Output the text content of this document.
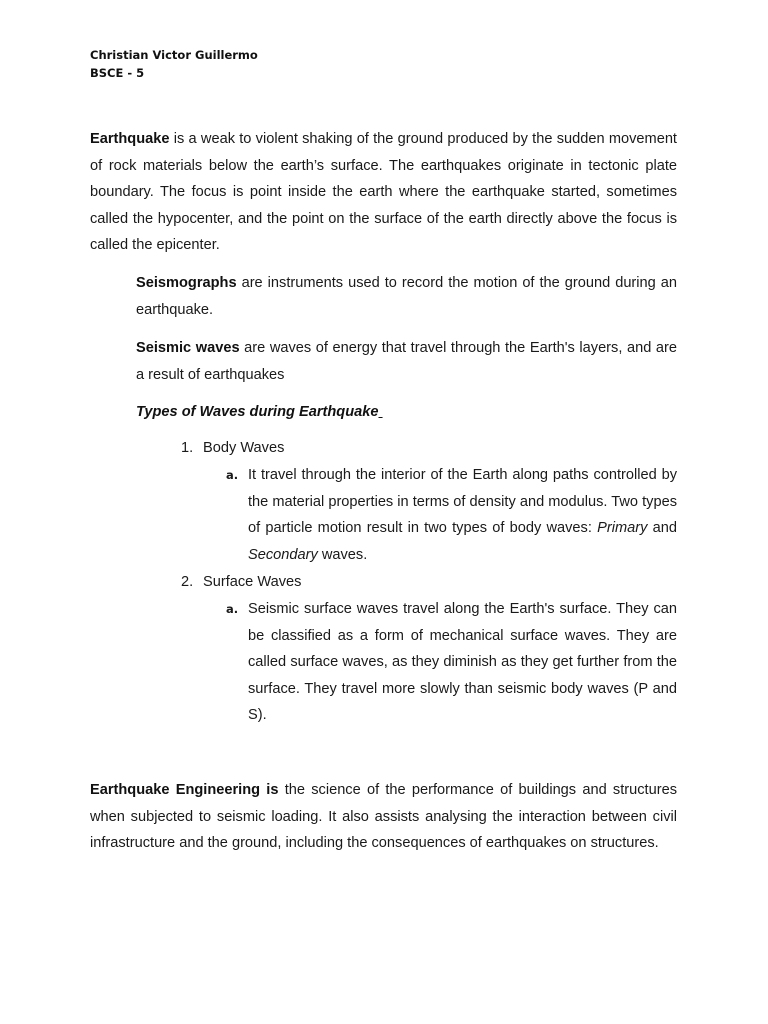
Christian Victor Guillermo
BSCE - 5

Earthquake is a weak to violent shaking of the ground produced by the sudden movement of rock materials below the earth’s surface. The earthquakes originate in tectonic plate boundary. The focus is point inside the earth where the earthquake started, sometimes called the hypocenter, and the point on the surface of the earth directly above the focus is called the epicenter.

Seismographs are instruments used to record the motion of the ground during an earthquake.

Seismic waves are waves of energy that travel through the Earth's layers, and are a result of earthquakes

Types of Waves during Earthquake
1. Body Waves
a. It travel through the interior of the Earth along paths controlled by the material properties in terms of density and modulus. Two types of particle motion result in two types of body waves: Primary and Secondary waves.

2. Surface Waves
a. Seismic surface waves travel along the Earth's surface. They can be classified as a form of mechanical surface waves. They are called surface waves, as they diminish as they get further from the surface. They travel more slowly than seismic body waves (P and S).

Earthquake Engineering is the science of the performance of buildings and structures when subjected to seismic loading. It also assists analysing the interaction between civil infrastructure and the ground, including the consequences of earthquakes on structures.
